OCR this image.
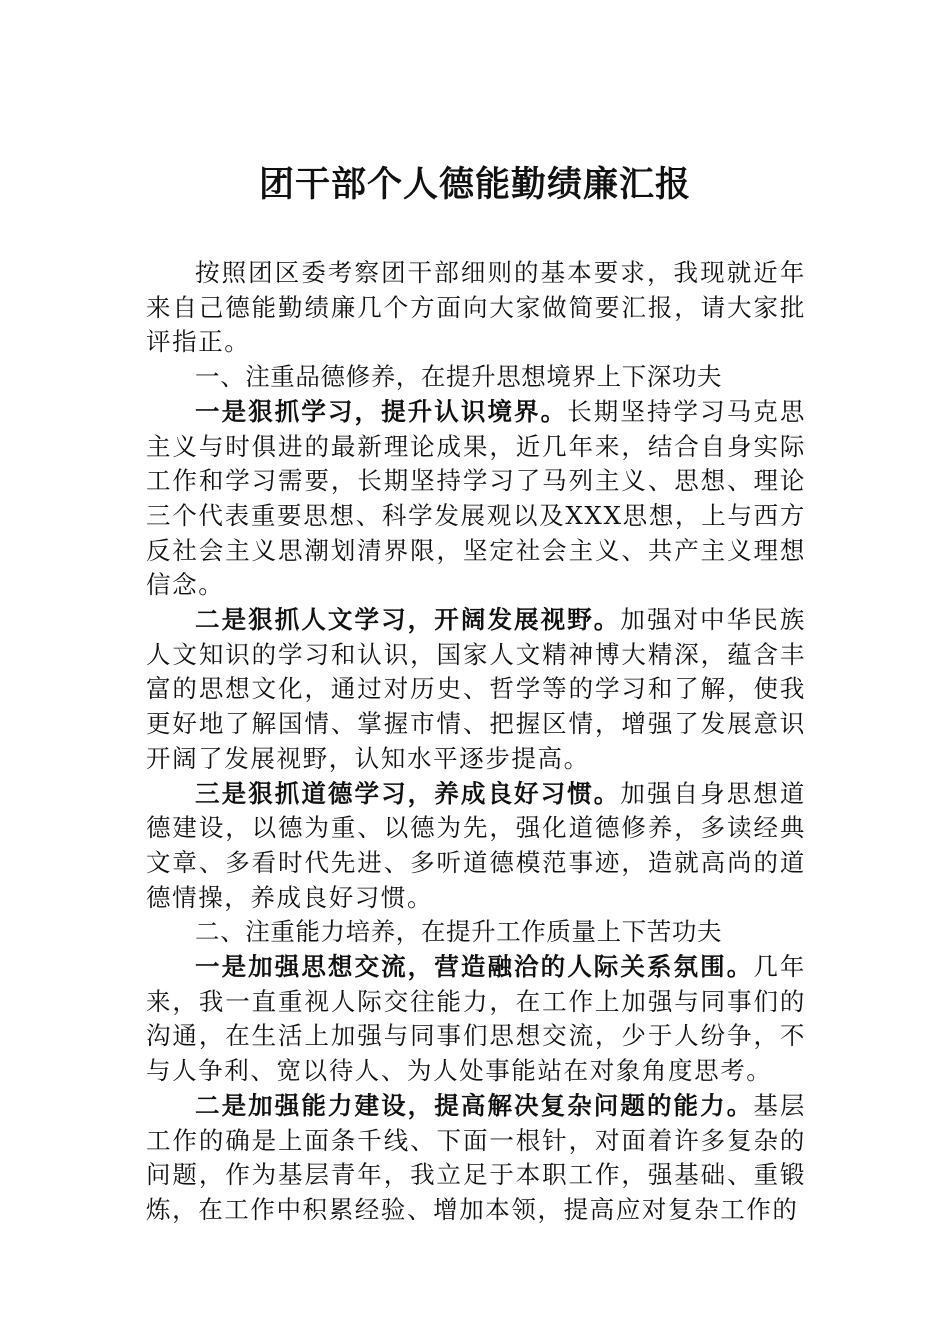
团干部个人德能勤绩廉汇报

按照团区委考察团干部细则的基本要求，我现就近年来自己德能勤绩廉几个方面向大家做简要汇报，请大家批评指正。

一、注重品德修养，在提升思想境界上下深功夫

一是狠抓学习，提升认识境界。长期坚持学习马克思主义与时俱进的最新理论成果，近几年来，结合自身实际工作和学习需要，长期坚持学习了马列主义、思想、理论三个代表重要思想、科学发展观以及XXX思想，上与西方反社会主义思潮划清界限，坚定社会主义、共产主义理想信念。

二是狠抓人文学习，开阔发展视野。加强对中华民族人文知识的学习和认识，国家人文精神博大精深，蕴含丰富的思想文化，通过对历史、哲学等的学习和了解，使我更好地了解国情、掌握市情、把握区情，增强了发展意识开阔了发展视野，认知水平逐步提高。

三是狠抓道德学习，养成良好习惯。加强自身思想道德建设，以德为重、以德为先，强化道德修养，多读经典文章、多看时代先进、多听道德模范事迹，造就高尚的道德情操，养成良好习惯。

二、注重能力培养，在提升工作质量上下苦功夫

一是加强思想交流，营造融洽的人际关系氛围。几年来，我一直重视人际交往能力，在工作上加强与同事们的沟通，在生活上加强与同事们思想交流，少于人纷争，不与人争利、宽以待人、为人处事能站在对象角度思考。

二是加强能力建设，提高解决复杂问题的能力。基层工作的确是上面条千线、下面一根针，对面着许多复杂的问题，作为基层青年，我立足于本职工作，强基础、重锻炼，在工作中积累经验、增加本领，提高应对复杂工作的
